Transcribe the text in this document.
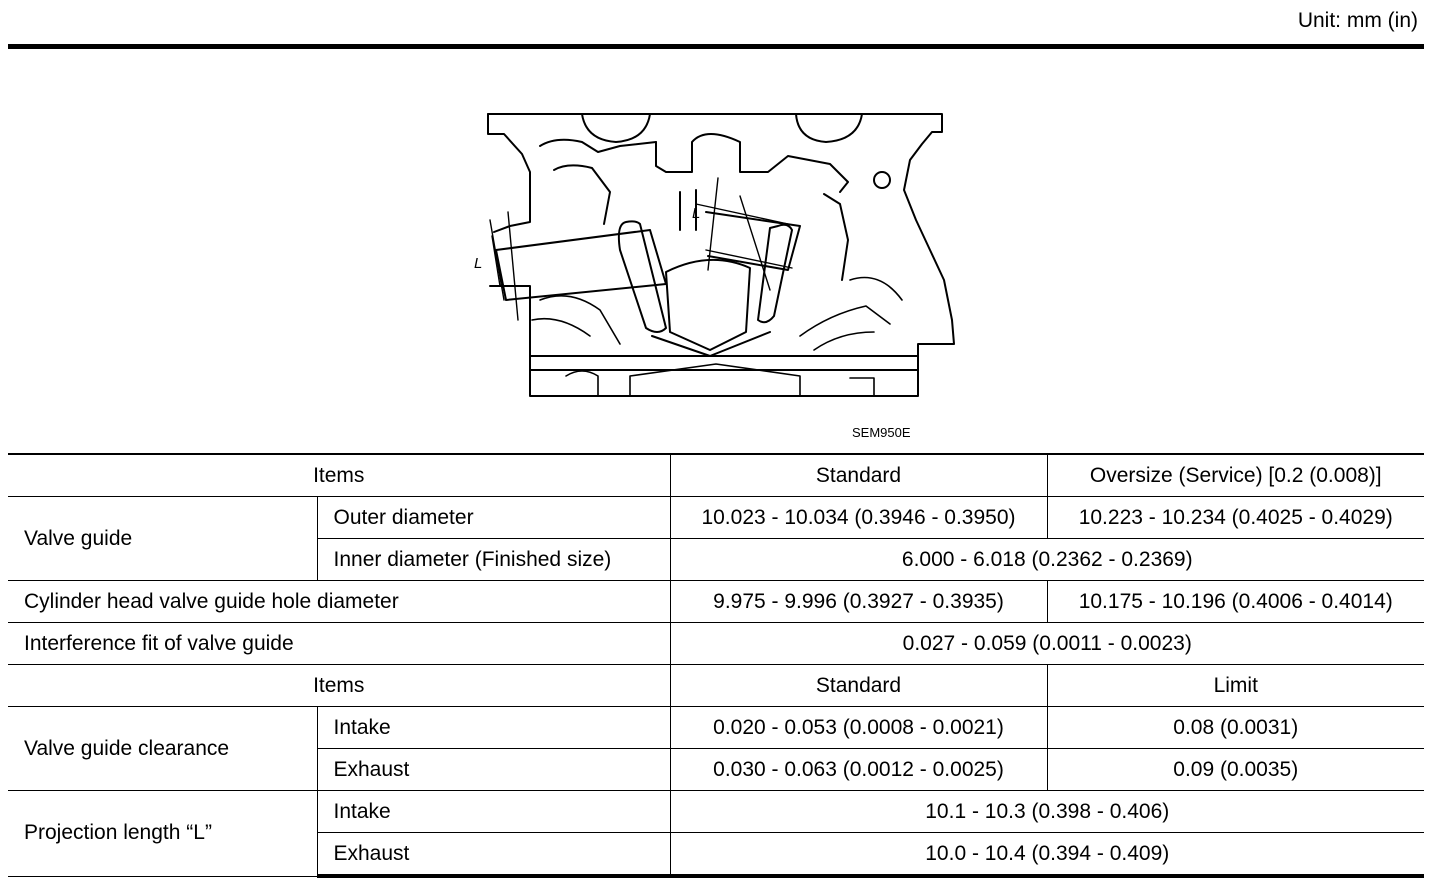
Unit: mm (in)
L
L
SEM950E
Items		Standard	Oversize (Service) [0.2 (0.008)]
Valve guide	Outer diameter	10.023 - 10.034 (0.3946 - 0.3950)	10.223 - 10.234 (0.4025 - 0.4029)
	Inner diameter (Finished size)	6.000 - 6.018 (0.2362 - 0.2369)	
Cylinder head valve guide hole diameter		9.975 - 9.996 (0.3927 - 0.3935)	10.175 - 10.196 (0.4006 - 0.4014)
Interference fit of valve guide		0.027 - 0.059 (0.0011 - 0.0023)	
Items		Standard	Limit
Valve guide clearance	Intake	0.020 - 0.053 (0.0008 - 0.0021)	0.08 (0.0031)
	Exhaust	0.030 - 0.063 (0.0012 - 0.0025)	0.09 (0.0035)
Projection length “L”	Intake	10.1 - 10.3 (0.398 - 0.406)	
	Exhaust	10.0 - 10.4 (0.394 - 0.409)	
